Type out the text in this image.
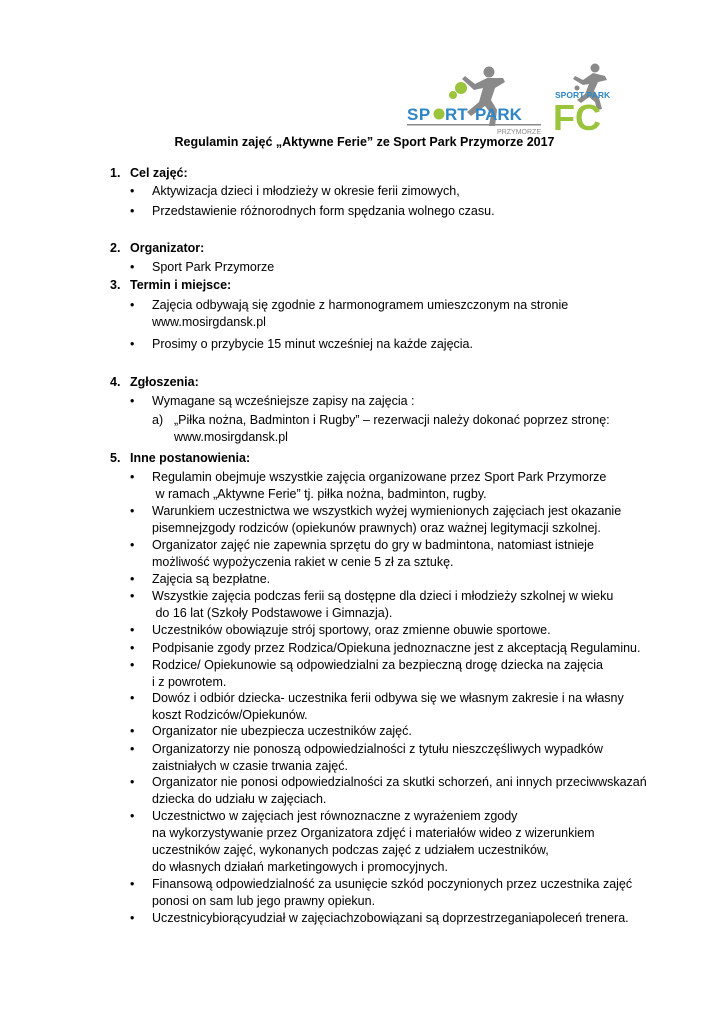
SP RT PARK
PRZYMORZE
SPORT PARK
FC
Regulamin zajęć „Aktywne Ferie” ze Sport Park Przymorze 2017
1. Cel zajęć:
•	Aktywizacja dzieci i młodzieży w okresie ferii zimowych,
•	Przedstawienie różnorodnych form spędzania wolnego czasu.
2. Organizator:
•	Sport Park Przymorze
3. Termin i miejsce:
•	Zajęcia odbywają się zgodnie z harmonogramem umieszczonym na stronie
www.mosirgdansk.pl
•	Prosimy o przybycie 15 minut wcześniej na każde zajęcia.
4. Zgłoszenia:
•	Wymagane są wcześniejsze zapisy na zajęcia :
a) „Piłka nożna, Badminton i Rugby” – rezerwacji należy dokonać poprzez stronę:
www.mosirgdansk.pl
5. Inne postanowienia:
•	Regulamin obejmuje wszystkie zajęcia organizowane przez Sport Park Przymorze
w ramach „Aktywne Ferie” tj. piłka nożna, badminton, rugby.
•	Warunkiem uczestnictwa we wszystkich wyżej wymienionych zajęciach jest okazanie
pisemnejzgody rodziców (opiekunów prawnych) oraz ważnej legitymacji szkolnej.
•	Organizator zajęć nie zapewnia sprzętu do gry w badmintona, natomiast istnieje
możliwość wypożyczenia rakiet w cenie 5 zł za sztukę.
•	Zajęcia są bezpłatne.
•	Wszystkie zajęcia podczas ferii są dostępne dla dzieci i młodzieży szkolnej w wieku
do 16 lat (Szkoły Podstawowe i Gimnazja).
•	Uczestników obowiązuje strój sportowy, oraz zmienne obuwie sportowe.
•	Podpisanie zgody przez Rodzica/Opiekuna jednoznaczne jest z akceptacją Regulaminu.
•	Rodzice/ Opiekunowie są odpowiedzialni za bezpieczną drogę dziecka na zajęcia
i z powrotem.
•	Dowóz i odbiór dziecka- uczestnika ferii odbywa się we własnym zakresie i na własny
koszt Rodziców/Opiekunów.
•	Organizator nie ubezpiecza uczestników zajęć.
•	Organizatorzy nie ponoszą odpowiedzialności z tytułu nieszczęśliwych wypadków
zaistniałych w czasie trwania zajęć.
•	Organizator nie ponosi odpowiedzialności za skutki schorzeń, ani innych przeciwwskazań
dziecka do udziału w zajęciach.
•	Uczestnictwo w zajęciach jest równoznaczne z wyrażeniem zgody
na wykorzystywanie przez Organizatora zdjęć i materiałów wideo z wizerunkiem
uczestników zajęć, wykonanych podczas zajęć z udziałem uczestników,
do własnych działań marketingowych i promocyjnych.
•	Finansową odpowiedzialność za usunięcie szkód poczynionych przez uczestnika zajęć
ponosi on sam lub jego prawny opiekun.
•	Uczestnicybiorącyudział w zajęciachzobowiązani są doprzestrzeganiapoleceń trenera.
